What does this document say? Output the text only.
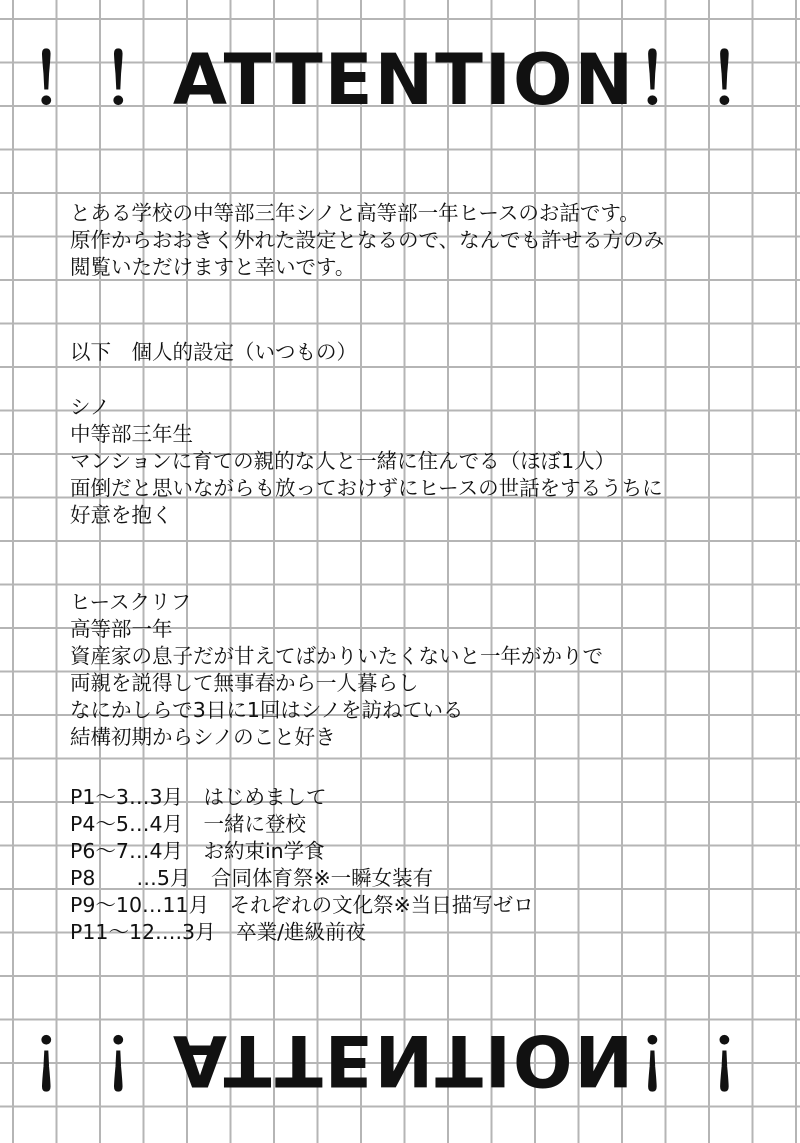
！！ATTENTION！！
とある学校の中等部三年シノと高等部一年ヒースのお話です。
原作からおおきく外れた設定となるので、なんでも許せる方のみ
閲覧いただけますと幸いです。
以下　個人的設定（いつもの）
シノ
中等部三年生
マンションに育ての親的な人と一緒に住んでる（ほぼ1人）
面倒だと思いながらも放っておけずにヒースの世話をするうちに
好意を抱く
ヒースクリフ
高等部一年
資産家の息子だが甘えてばかりいたくないと一年がかりで
両親を説得して無事春から一人暮らし
なにかしらで3日に1回はシノを訪ねている
結構初期からシノのこと好き
P1～3…3月　はじめまして
P4～5…4月　一緒に登校
P6～7…4月　お約束in学食
P8　　…5月　合同体育祭※一瞬女装有
P9～10…11月　それぞれの文化祭※当日描写ゼロ
P11～12….3月　卒業/進級前夜
！！ATTENTION！！
